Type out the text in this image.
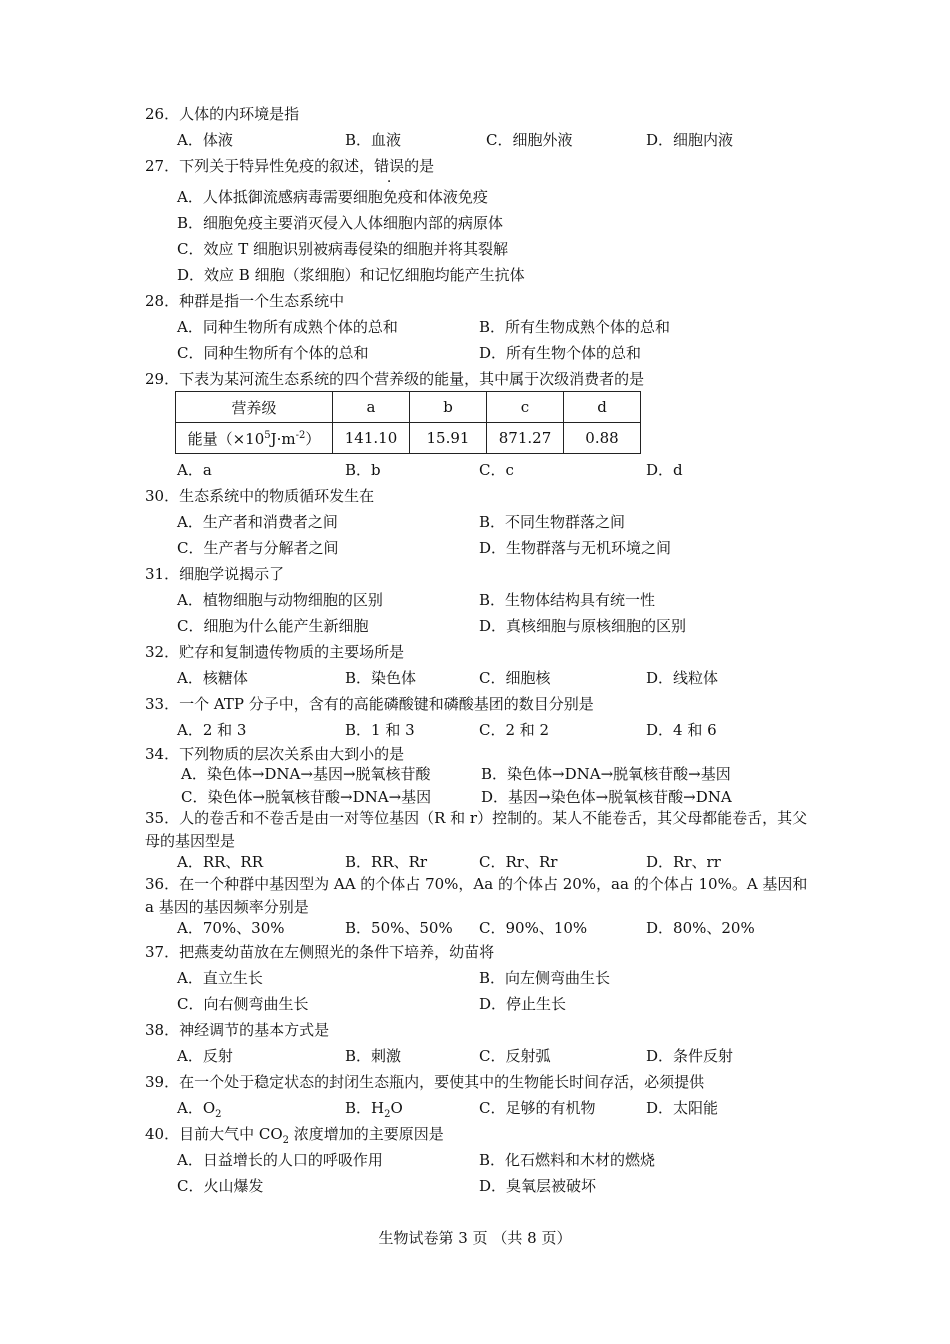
26．人体的内环境是指
A．体液	B．血液	C．细胞外液	D．细胞内液
27．下列关于特异性免疫的叙述，错误的是
A．人体抵御流感病毒需要细胞免疫和体液免疫
B．细胞免疫主要消灭侵入人体细胞内部的病原体
C．效应 T 细胞识别被病毒侵染的细胞并将其裂解
D．效应 B 细胞（浆细胞）和记忆细胞均能产生抗体
28．种群是指一个生态系统中
A．同种生物所有成熟个体的总和	B．所有生物成熟个体的总和
C．同种生物所有个体的总和	D．所有生物个体的总和
29．下表为某河流生态系统的四个营养级的能量，其中属于次级消费者的是
营养级	a	b	c	d
能量$(\times 10^5J\cdot m^{-2})$	141.10	15.91	871.27	0.88
A．a	B．b	C．c	D．d
30．生态系统中的物质循环发生在
A．生产者和消费者之间	B．不同生物群落之间
C．生产者与分解者之间	D．生物群落与无机环境之间
31．细胞学说揭示了
A．植物细胞与动物细胞的区别	B．生物体结构具有统一性
C．细胞为什么能产生新细胞	D．真核细胞与原核细胞的区别
32．贮存和复制遗传物质的主要场所是
A．核糖体	B．染色体	C．细胞核	D．线粒体
33．一个 ATP 分子中，含有的高能磷酸键和磷酸基团的数目分别是
A．2 和 3	B．1 和 3	C．2 和 2	D．4 和 6
34．下列物质的层次关系由大到小的是
A．染色体→DNA→基因→脱氧核苷酸	B．染色体→DNA→脱氧核苷酸→基因
C．染色体→脱氧核苷酸→DNA→基因	D．基因→染色体→脱氧核苷酸→DNA
35．人的卷舌和不卷舌是由一对等位基因（R 和 r）控制的。某人不能卷舌，其父母都能卷舌，其父母的基因型是
A．RR、RR	B．RR、Rr	C．Rr、Rr	D．Rr、rr
36．在一个种群中基因型为 AA 的个体占 70%，Aa 的个体占 20%，aa 的个体占 10%。A 基因和 a 基因的基因频率分别是
A．70%、30%	B．50%、50% C．90%、10%	D．80%、20%
37．把燕麦幼苗放在左侧照光的条件下培养，幼苗将
A．直立生长	B．向左侧弯曲生长
C．向右侧弯曲生长	D．停止生长
38．神经调节的基本方式是
A．反射	B．刺激	C．反射弧	D．条件反射
39．在一个处于稳定状态的封闭生态瓶内，要使其中的生物能长时间存活，必须提供
A．$O_2$	B．$H_2O$	C．足够的有机物	D．太阳能
40．目前大气中 $CO_2$ 浓度增加的主要原因是
A．日益增长的人口的呼吸作用	B．化石燃料和木材的燃烧
C．火山爆发	D．臭氧层被破坏
生物试卷第 3 页 （共 8 页）
